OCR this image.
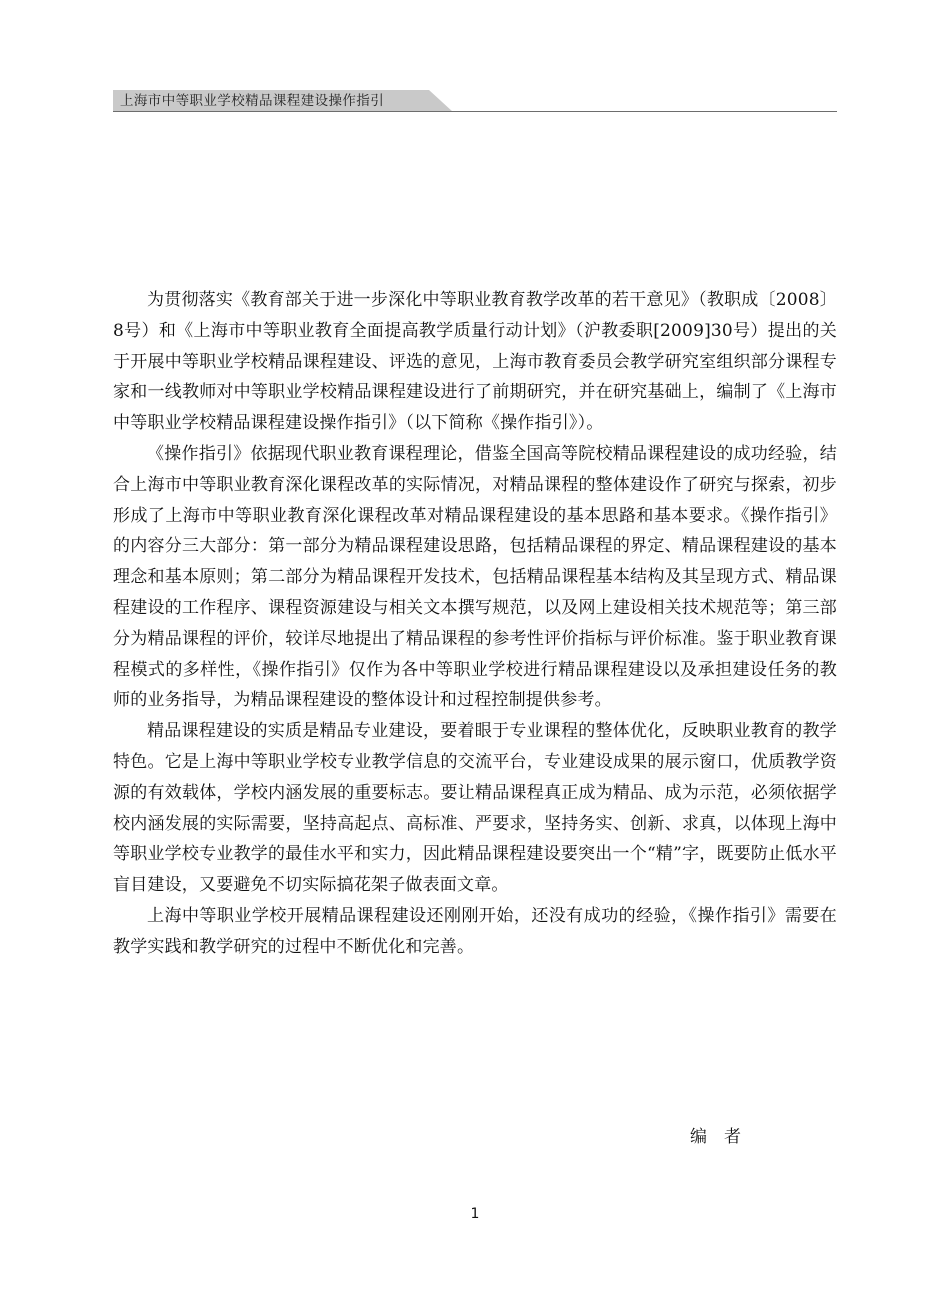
上海市中等职业学校精品课程建设操作指引

为贯彻落实《教育部关于进一步深化中等职业教育教学改革的若干意见》（教职成〔2008〕8号）和《上海市中等职业教育全面提高教学质量行动计划》（沪教委职[2009]30号）提出的关于开展中等职业学校精品课程建设、评选的意见，上海市教育委员会教学研究室组织部分课程专家和一线教师对中等职业学校精品课程建设进行了前期研究，并在研究基础上，编制了《上海市中等职业学校精品课程建设操作指引》（以下简称《操作指引》）。

《操作指引》依据现代职业教育课程理论，借鉴全国高等院校精品课程建设的成功经验，结合上海市中等职业教育深化课程改革的实际情况，对精品课程的整体建设作了研究与探索，初步形成了上海市中等职业教育深化课程改革对精品课程建设的基本思路和基本要求。《操作指引》的内容分三大部分：第一部分为精品课程建设思路，包括精品课程的界定、精品课程建设的基本理念和基本原则；第二部分为精品课程开发技术，包括精品课程基本结构及其呈现方式、精品课程建设的工作程序、课程资源建设与相关文本撰写规范，以及网上建设相关技术规范等；第三部分为精品课程的评价，较详尽地提出了精品课程的参考性评价指标与评价标准。鉴于职业教育课程模式的多样性，《操作指引》仅作为各中等职业学校进行精品课程建设以及承担建设任务的教师的业务指导，为精品课程建设的整体设计和过程控制提供参考。

精品课程建设的实质是精品专业建设，要着眼于专业课程的整体优化，反映职业教育的教学特色。它是上海中等职业学校专业教学信息的交流平台，专业建设成果的展示窗口，优质教学资源的有效载体，学校内涵发展的重要标志。要让精品课程真正成为精品、成为示范，必须依据学校内涵发展的实际需要，坚持高起点、高标准、严要求，坚持务实、创新、求真，以体现上海中等职业学校专业教学的最佳水平和实力，因此精品课程建设要突出一个“精”字，既要防止低水平盲目建设，又要避免不切实际搞花架子做表面文章。

上海中等职业学校开展精品课程建设还刚刚开始，还没有成功的经验，《操作指引》需要在教学实践和教学研究的过程中不断优化和完善。

编　者
1
